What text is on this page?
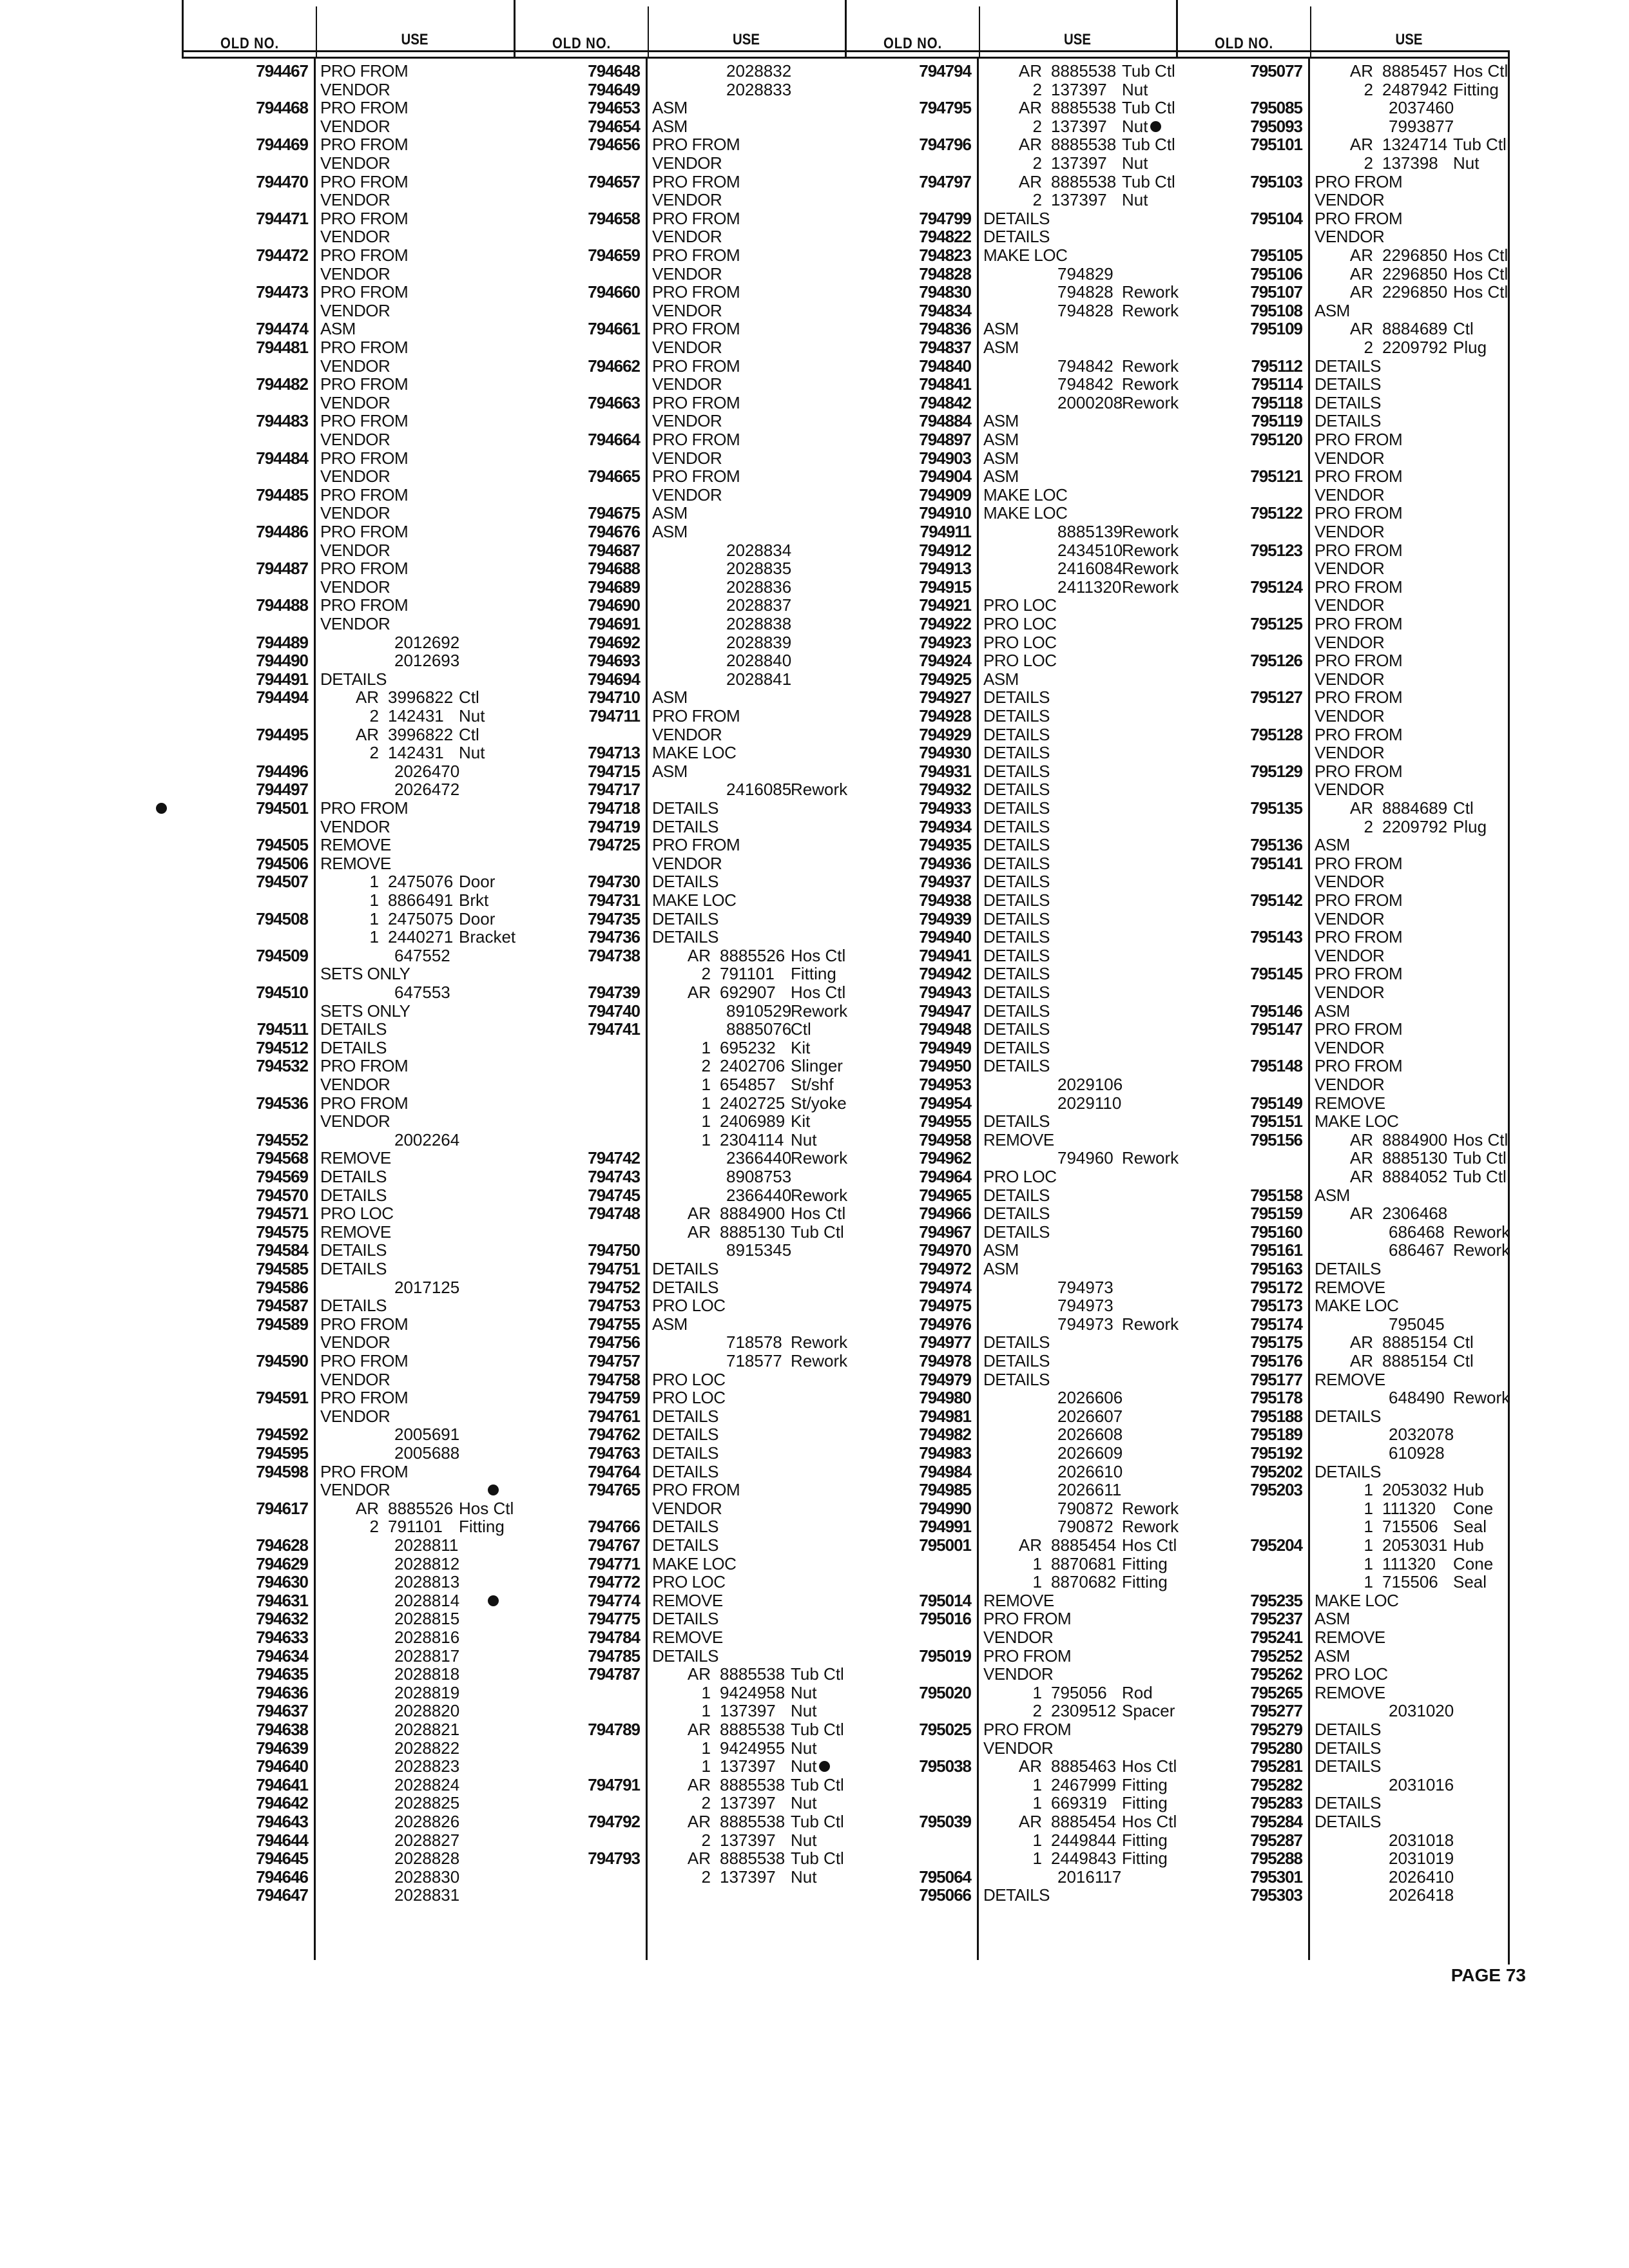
OLD NO.	USE
794467 PRO FROM
VENDOR
794468 PRO FROM
VENDOR
794469 PRO FROM
VENDOR
794470 PRO FROM
VENDOR
794471 PRO FROM
VENDOR
794472 PRO FROM
VENDOR
794473 PRO FROM
VENDOR
794474 ASM
794481 PRO FROM
VENDOR
794482 PRO FROM
VENDOR
794483 PRO FROM
VENDOR
794484 PRO FROM
VENDOR
794485 PRO FROM
VENDOR
794486 PRO FROM
VENDOR
794487 PRO FROM
VENDOR
794488 PRO FROM
VENDOR
794489	2012692
794490	2012693
794491 DETAILS
794494	AR 3996822 Ctl
2 142431 Nut
794495	AR 3996822 Ctl
2 142431 Nut
794496	2026470
794497	2026472
794501 PRO FROM
VENDOR
794505 REMOVE
794506 REMOVE
794507	1 2475076 Door
1 8866491 Brkt
794508	1 2475075 Door
1 2440271 Bracket
794509	647552
SETS ONLY
794510	647553
SETS ONLY
794511 DETAILS
794512 DETAILS
794532 PRO FROM
VENDOR
794536 PRO FROM
VENDOR
794552	2002264
794568 REMOVE
794569 DETAILS
794570 DETAILS
794571 PRO LOC
794575 REMOVE
794584 DETAILS
794585 DETAILS
794586	2017125
794587 DETAILS
794589 PRO FROM
VENDOR
794590 PRO FROM
VENDOR
794591 PRO FROM
VENDOR
794592	2005691
794595	2005688
794598 PRO FROM
VENDOR
794617	AR 8885526 Hos Ctl
2 791101 Fitting
794628	2028811
794629	2028812
794630	2028813
794631	2028814
794632	2028815
794633	2028816
794634	2028817
794635	2028818
794636	2028819
794637	2028820
794638	2028821
794639	2028822
794640	2028823
794641	2028824
794642	2028825
794643	2028826
794644	2028827
794645	2028828
794646	2028830
794647	2028831
OLD NO.	USE
794648	2028832
794649	2028833
794653 ASM
794654 ASM
794656 PRO FROM
VENDOR
794657 PRO FROM
VENDOR
794658 PRO FROM
VENDOR
794659 PRO FROM
VENDOR
794660 PRO FROM
VENDOR
794661 PRO FROM
VENDOR
794662 PRO FROM
VENDOR
794663 PRO FROM
VENDOR
794664 PRO FROM
VENDOR
794665 PRO FROM
VENDOR
794675 ASM
794676 ASM
794687	2028834
794688	2028835
794689	2028836
794690	2028837
794691	2028838
794692	2028839
794693	2028840
794694	2028841
794710 ASM
794711 PRO FROM
VENDOR
794713 MAKE LOC
794715 ASM
794717	2416085
Rework
794718 DETAILS
794719 DETAILS
794725 PRO FROM
VENDOR
794730 DETAILS
794731 MAKE LOC
794735 DETAILS
794736 DETAILS
794738	AR 8885526 Hos Ctl
2 791101 Fitting
794739	AR 692907 Hos Ctl
794740	8910529
Rework
794741	8885076
Ctl
1 695232 Kit
2 2402706 Slinger
1 654857 St/shf
1 2402725 St/yoke
1 2406989 Kit
1 2304114 Nut
794742	2366440
Rework
794743	8908753
794745	2366440
Rework
794748	AR 8884900 Hos Ctl
AR 8885130 Tub Ctl
794750	8915345
794751 DETAILS
794752 DETAILS
794753 PRO LOC
794755 ASM
794756	718578 Rework
794757	718577 Rework
794758 PRO LOC
794759 PRO LOC
794761 DETAILS
794762 DETAILS
794763 DETAILS
794764 DETAILS
794765 PRO FROM
VENDOR
794766 DETAILS
794767 DETAILS
794771 MAKE LOC
794772 PRO LOC
794774 REMOVE
794775 DETAILS
794784 REMOVE
794785 DETAILS
794787	AR 8885538 Tub Ctl
1 9424958 Nut
1 137397 Nut
794789	AR 8885538 Tub Ctl
1 9424955 Nut
1 137397 Nut
794791	AR 8885538 Tub Ctl
2 137397 Nut
794792	AR 8885538 Tub Ctl
2 137397 Nut
794793	AR 8885538 Tub Ctl
2 137397 Nut
OLD NO.	USE
794794	AR 8885538 Tub Ctl
2 137397 Nut
794795	AR 8885538 Tub Ctl
2 137397 Nut
794796	AR 8885538 Tub Ctl
2 137397 Nut
794797	AR 8885538 Tub Ctl
2 137397 Nut
794799 DETAILS
794822 DETAILS
794823 MAKE LOC
794828	794829
794830	794828 Rework
794834	794828 Rework
794836 ASM
794837 ASM
794840	794842 Rework
794841	794842 Rework
794842	2000208
Rework
794884 ASM
794897 ASM
794903 ASM
794904 ASM
794909 MAKE LOC
794910 MAKE LOC
794911	8885139
Rework
794912	2434510
Rework
794913	2416084
Rework
794915	2411320 Rework
794921 PRO LOC
794922 PRO LOC
794923 PRO LOC
794924 PRO LOC
794925 ASM
794927 DETAILS
794928 DETAILS
794929 DETAILS
794930 DETAILS
794931 DETAILS
794932 DETAILS
794933 DETAILS
794934 DETAILS
794935 DETAILS
794936 DETAILS
794937 DETAILS
794938 DETAILS
794939 DETAILS
794940 DETAILS
794941 DETAILS
794942 DETAILS
794943 DETAILS
794947 DETAILS
794948 DETAILS
794949 DETAILS
794950 DETAILS
794953	2029106
794954	2029110
794955 DETAILS
794958 REMOVE
794962	794960 Rework
794964 PRO LOC
794965 DETAILS
794966 DETAILS
794967 DETAILS
794970 ASM
794972 ASM
794974	794973
794975	794973
794976	794973 Rework
794977 DETAILS
794978 DETAILS
794979 DETAILS
794980	2026606
794981	2026607
794982	2026608
794983	2026609
794984	2026610
794985	2026611
794990	790872 Rework
794991	790872 Rework
795001	AR 8885454 Hos Ctl
1 8870681 Fitting
1 8870682 Fitting
795014 REMOVE
795016 PRO FROM
VENDOR
795019 PRO FROM
VENDOR
795020	1 795056 Rod
2 2309512 Spacer
795025 PRO FROM
VENDOR
795038	AR 8885463 Hos Ctl
1 2467999 Fitting
1 669319 Fitting
795039	AR 8885454 Hos Ctl
1 2449844 Fitting
1 2449843 Fitting
795064	2016117
795066 DETAILS
OLD NO.	USE
795077	AR 8885457 Hos Ctl
2 2487942 Fitting
795085	2037460
795093	7993877
795101	AR 1324714 Tub Ctl
2 137398 Nut
795103 PRO FROM
VENDOR
795104 PRO FROM
VENDOR
795105	AR 2296850 Hos Ctl
795106	AR 2296850 Hos Ctl
795107	AR 2296850 Hos Ctl
795108 ASM
795109	AR 8884689 Ctl
2 2209792 Plug
795112 DETAILS
795114 DETAILS
795118 DETAILS
795119 DETAILS
795120 PRO FROM
VENDOR
795121 PRO FROM
VENDOR
795122 PRO FROM
VENDOR
795123 PRO FROM
VENDOR
795124 PRO FROM
VENDOR
795125 PRO FROM
VENDOR
795126 PRO FROM
VENDOR
795127 PRO FROM
VENDOR
795128 PRO FROM
VENDOR
795129 PRO FROM
VENDOR
795135	AR 8884689 Ctl
2 2209792 Plug
795136 ASM
795141 PRO FROM
VENDOR
795142 PRO FROM
VENDOR
795143 PRO FROM
VENDOR
795145 PRO FROM
VENDOR
795146 ASM
795147 PRO FROM
VENDOR
795148 PRO FROM
VENDOR
795149 REMOVE
795151 MAKE LOC
795156	AR 8884900 Hos Ctl
AR 8885130 Tub Ctl
AR 8884052 Tub Ctl
795158 ASM
795159	AR 2306468
795160	686468 Rework
795161	686467 Rework
795163 DETAILS
795172 REMOVE
795173 MAKE LOC
795174	795045
795175	AR 8885154 Ctl
795176	AR 8885154 Ctl
795177 REMOVE
795178	648490 Rework
795188 DETAILS
795189	2032078
795192	610928
795202 DETAILS
795203	1 2053032 Hub
1 111320 Cone
1 715506 Seal
795204	1 2053031 Hub
1 111320 Cone
1 715506 Seal
795235 MAKE LOC
795237 ASM
795241 REMOVE
795252 ASM
795262 PRO LOC
795265 REMOVE
795277	2031020
795279 DETAILS
795280 DETAILS
795281 DETAILS
795282	2031016
795283 DETAILS
795284 DETAILS
795287	2031018
795288	2031019
795301	2026410
795303	2026418
PAGE 73
